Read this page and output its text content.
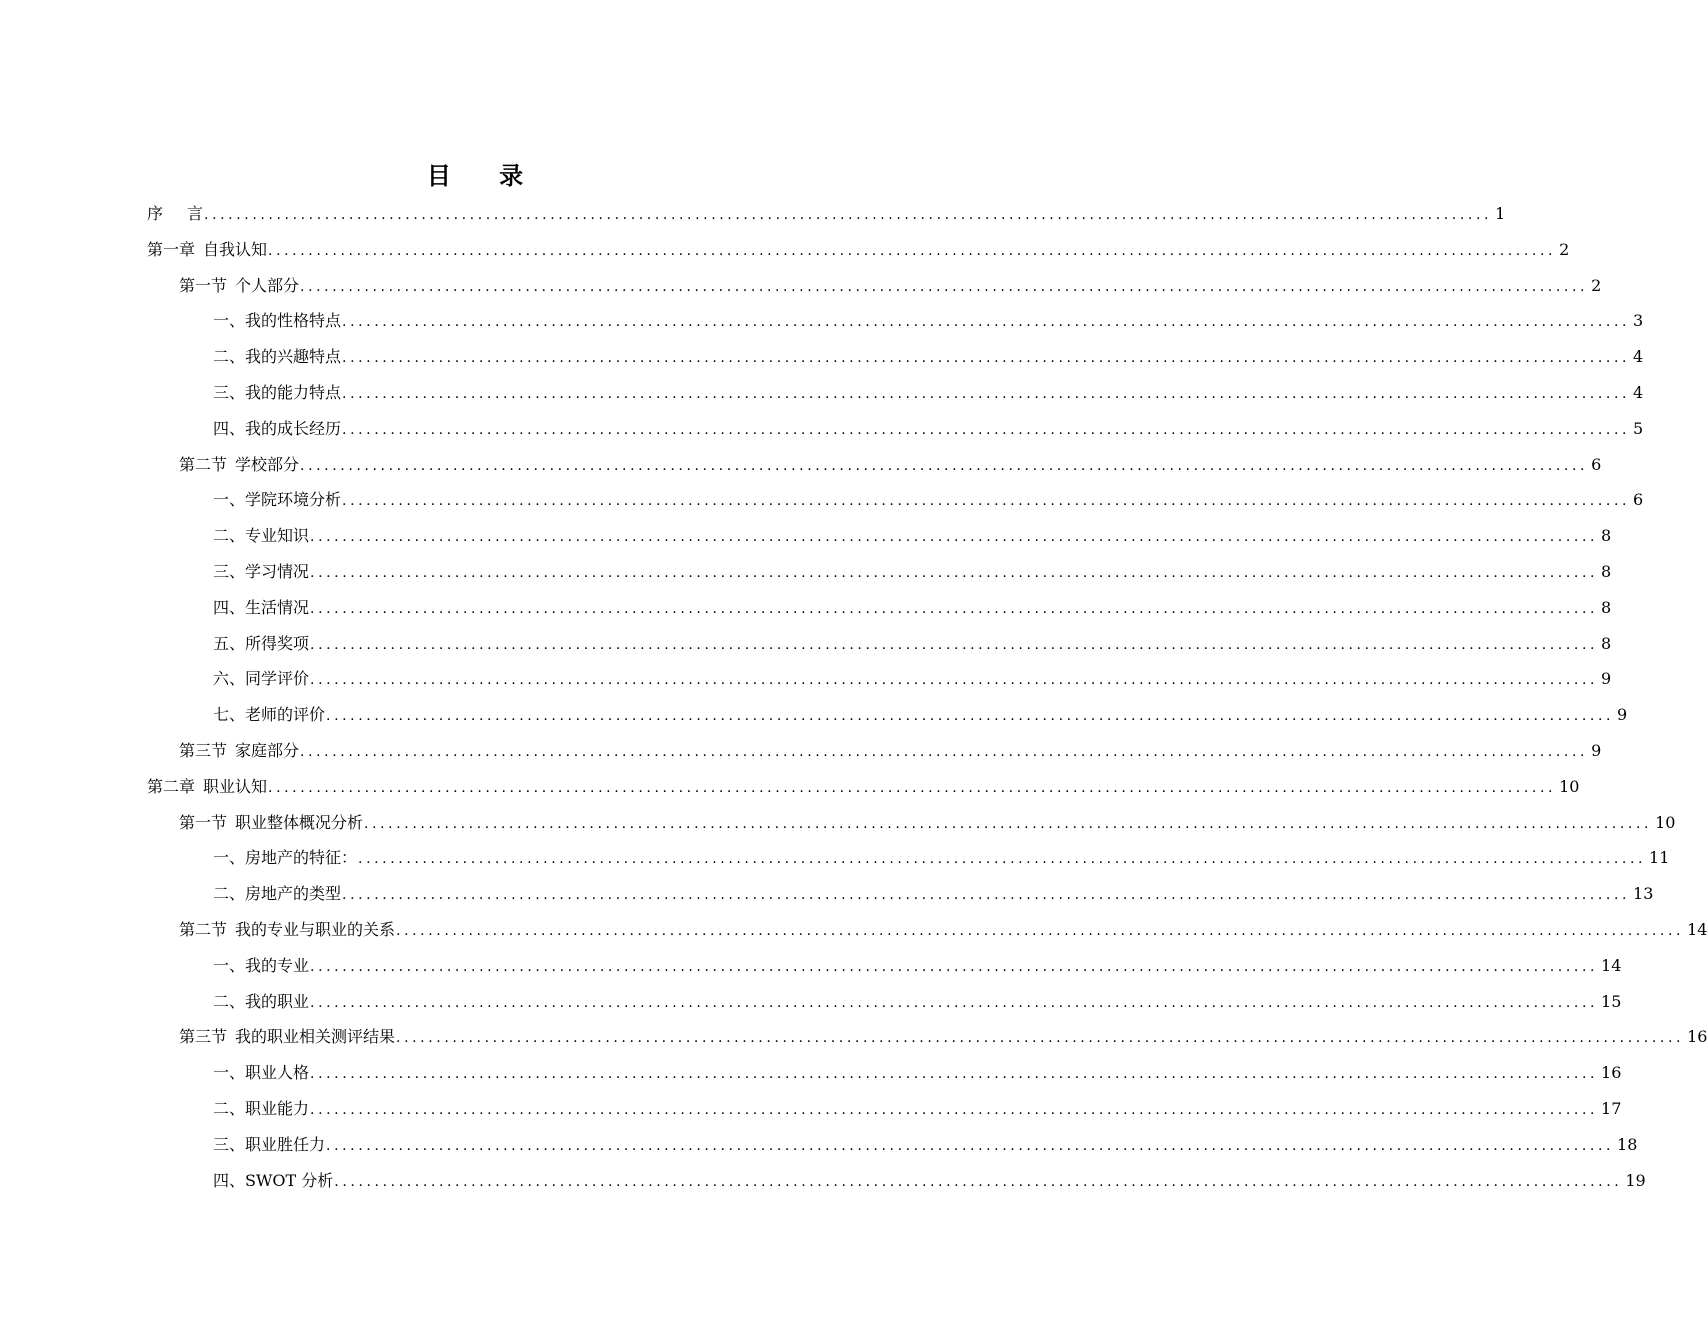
目 录
序 言 ................................................................................................................................................................ 1
第一章 自我认知 ................................................................................................................................................................ 2
第一节 个人部分 ................................................................................................................................................................ 2
一、我的性格特点 ................................................................................................................................................................ 3
二、我的兴趣特点 ................................................................................................................................................................ 4
三、我的能力特点 ................................................................................................................................................................ 4
四、我的成长经历 ................................................................................................................................................................ 5
第二节 学校部分 ................................................................................................................................................................ 6
一、学院环境分析 ................................................................................................................................................................ 6
二、专业知识 ................................................................................................................................................................ 8
三、学习情况 ................................................................................................................................................................ 8
四、生活情况 ................................................................................................................................................................ 8
五、所得奖项 ................................................................................................................................................................ 8
六、同学评价 ................................................................................................................................................................ 9
七、老师的评价 ................................................................................................................................................................ 9
第三节 家庭部分 ................................................................................................................................................................ 9
第二章 职业认知 ................................................................................................................................................................ 10
第一节 职业整体概况分析 ................................................................................................................................................................ 10
一、房地产的特征： ................................................................................................................................................................ 11
二、房地产的类型 ................................................................................................................................................................ 13
第二节 我的专业与职业的关系 ................................................................................................................................................................ 14
一、我的专业 ................................................................................................................................................................ 14
二、我的职业 ................................................................................................................................................................ 15
第三节 我的职业相关测评结果 ................................................................................................................................................................ 16
一、职业人格 ................................................................................................................................................................ 16
二、职业能力 ................................................................................................................................................................ 17
三、职业胜任力 ................................................................................................................................................................ 18
四、SWOT 分析 ................................................................................................................................................................ 19
